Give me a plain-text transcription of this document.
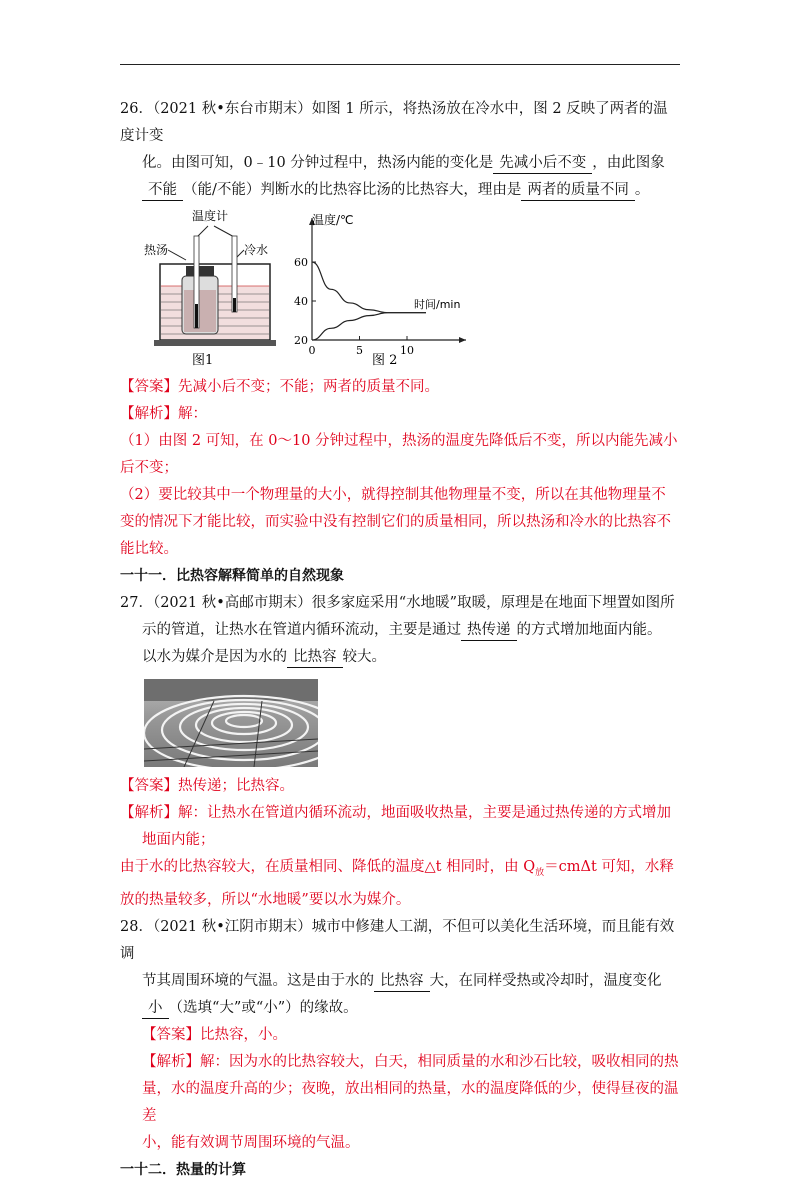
26．（2021 秋•东台市期末）如图 1 所示，将热汤放在冷水中，图 2 反映了两者的温度计变

化。由图可知，0﹣10 分钟过程中，热汤内能的变化是 先减小后不变 ，由此图象

不能 （能/不能）判断水的比热容比汤的比热容大，理由是 两者的质量不同 。

温度计
热汤	冷水
图1
20
40
60
0	5	10
温度/℃
时间/min
图 2

【答案】先减小后不变；不能；两者的质量不同。

【解析】解：

（1）由图 2 可知，在 0～10 分钟过程中，热汤的温度先降低后不变，所以内能先减小

后不变；

（2）要比较其中一个物理量的大小，就得控制其他物理量不变，所以在其他物理量不

变的情况下才能比较，而实验中没有控制它们的质量相同，所以热汤和冷水的比热容不

能比较。

一十一．比热容解释简单的自然现象

27．（2021 秋•高邮市期末）很多家庭采用“水地暖”取暖，原理是在地面下埋置如图所

示的管道，让热水在管道内循环流动，主要是通过 热传递 的方式增加地面内能。

以水为媒介是因为水的 比热容 较大。

【答案】热传递；比热容。

【解析】解：让热水在管道内循环流动，地面吸收热量，主要是通过热传递的方式增加

地面内能；

由于水的比热容较大，在质量相同、降低的温度△t 相同时，由 $Q_放=cm\Delta t$ 可知，水释

放的热量较多，所以“水地暖”要以水为媒介。

28．（2021 秋•江阴市期末）城市中修建人工湖，不但可以美化生活环境，而且能有效调

节其周围环境的气温。这是由于水的 比热容 大，在同样受热或冷却时，温度变化

小 （选填“大”或“小”）的缘故。

【答案】比热容，小。

【解析】解：因为水的比热容较大，白天，相同质量的水和沙石比较，吸收相同的热

量，水的温度升高的少；夜晚，放出相同的热量，水的温度降低的少，使得昼夜的温差

小，能有效调节周围环境的气温。

一十二．热量的计算
